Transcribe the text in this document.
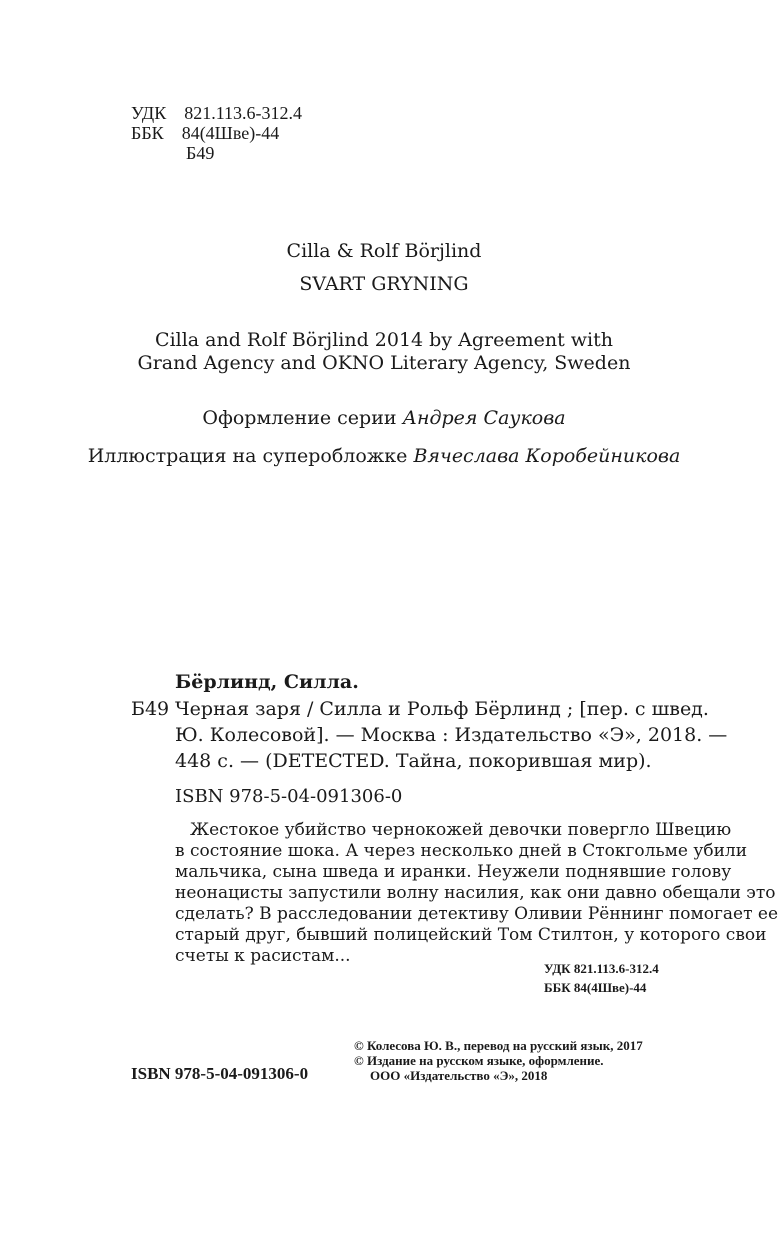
УДК 821.113.6-312.4
ББК 84(4Шве)-44
Б49
Cilla & Rolf Börjlind
SVART GRYNING
Cilla and Rolf Börjlind 2014 by Agreement with
Grand Agency and OKNO Literary Agency, Sweden
Оформление серии Андрея Саукова
Иллюстрация на суперобложке Вячеслава Коробейникова
Бёрлинд, Силла.
Б49 Черная заря / Силла и Рольф Бёрлинд ; [пер. с швед.
Ю. Колесовой]. — Москва : Издательство «Э», 2018. —
448 с. — (DETECTED. Тайна, покорившая мир).
ISBN 978-5-04-091306-0
Жестокое убийство чернокожей девочки повергло Швецию
в состояние шока. А через несколько дней в Стокгольме убили
мальчика, сына шведа и иранки. Неужели поднявшие голову
неонацисты запустили волну насилия, как они давно обещали это
сделать? В расследовании детективу Оливии Рённинг помогает ее
старый друг, бывший полицейский Том Стилтон, у которого свои
счеты к расистам...
УДК 821.113.6-312.4
ББК 84(4Шве)-44
© Колесова Ю. В., перевод на русский язык, 2017
© Издание на русском языке, оформление.
ООО «Издательство «Э», 2018
ISBN 978-5-04-091306-0
